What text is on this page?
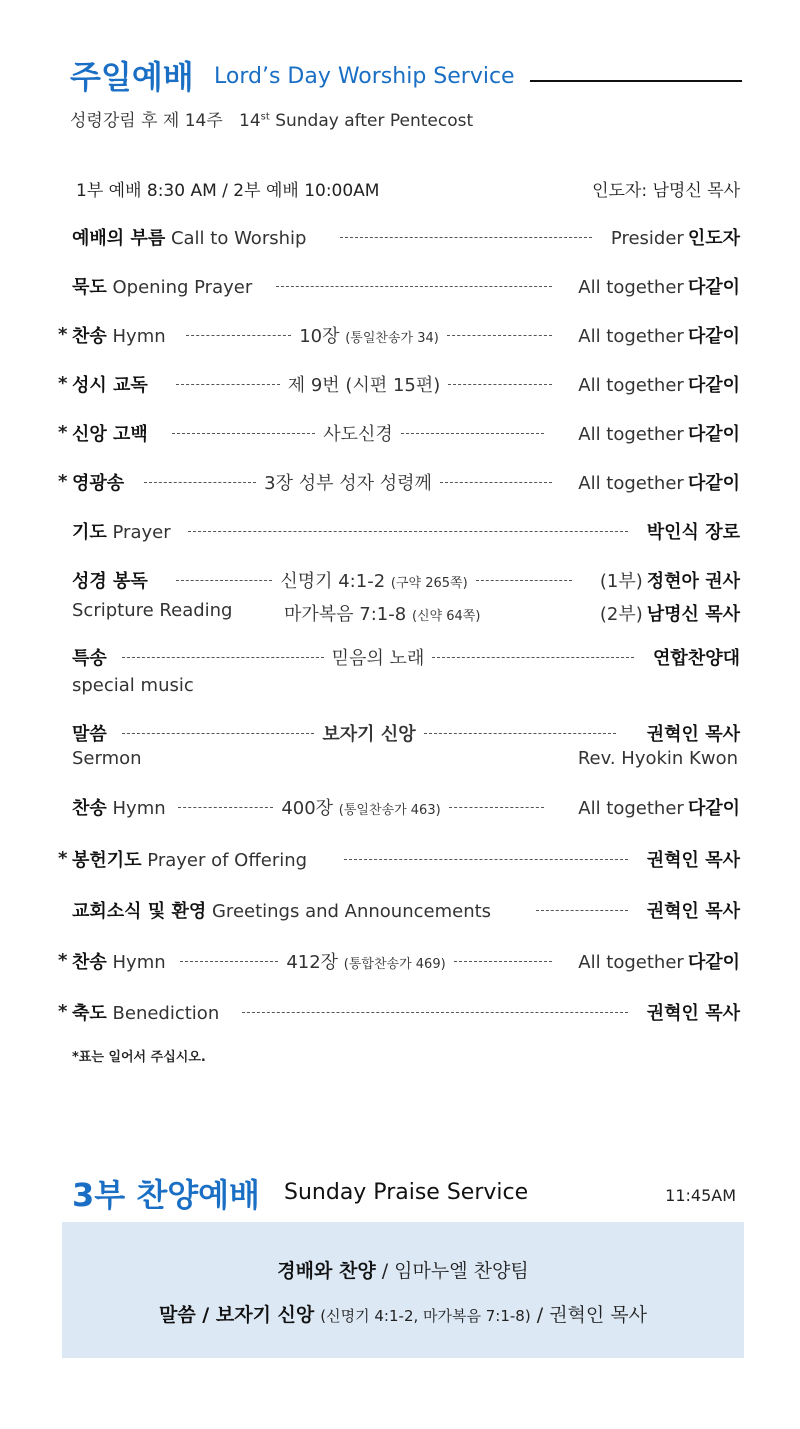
주일예배 Lord’s Day Worship Service
성령강림 후 제 14주 14st Sunday after Pentecost
1부 예배 8:30 AM / 2부 예배 10:00AM	인도자: 남명신 목사
예배의 부름 Call to Worship	Presider 인도자
묵도 Opening Prayer	All together 다같이
* 찬송 Hymn	10장 (통일찬송가 34)	All together 다같이
* 성시 교독	제 9번 (시편 15편)	All together 다같이
* 신앙 고백	사도신경	All together 다같이
* 영광송	3장 성부 성자 성령께	All together 다같이
기도 Prayer	박인식 장로
성경 봉독	신명기 4:1-2 (구약 265쪽)	(1부) 정현아 권사
Scripture Reading	마가복음 7:1-8 (신약 64쪽)	(2부) 남명신 목사
특송	믿음의 노래	연합찬양대
special music
말씀	보자기 신앙	권혁인 목사
Sermon	Rev. Hyokin Kwon
찬송 Hymn	400장 (통일찬송가 463)	All together 다같이
* 봉헌기도 Prayer of Offering	권혁인 목사
교회소식 및 환영 Greetings and Announcements	권혁인 목사
* 찬송 Hymn	412장 (통합찬송가 469)	All together 다같이
* 축도 Benediction	권혁인 목사
*표는 일어서 주십시오.
3부 찬양예배 Sunday Praise Service	11:45AM
경배와 찬양 / 임마누엘 찬양팀
말씀 / 보자기 신앙 (신명기 4:1-2, 마가복음 7:1-8) / 권혁인 목사
